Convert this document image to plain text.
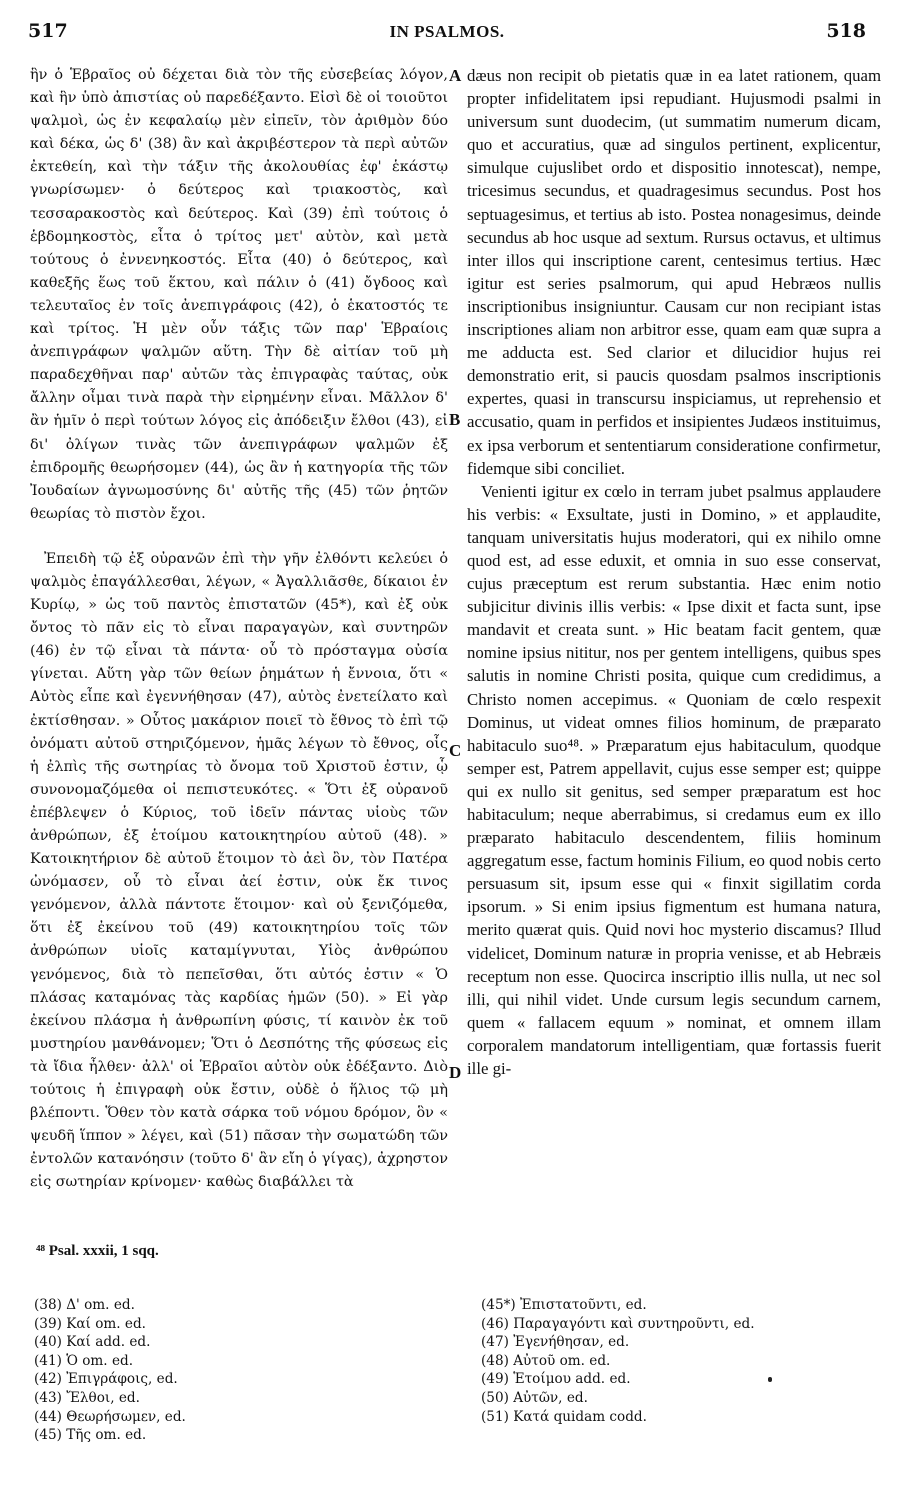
517	IN PSALMOS.	518

ἣν ὁ Ἑβραῖος οὐ δέχεται διὰ τὸν τῆς εὐσεβείας λόγον, καὶ ἣν ὑπὸ ἀπιστίας οὐ παρεδέξαντο. Εἰσὶ δὲ οἱ τοιοῦτοι ψαλμοὶ, ὡς ἐν κεφαλαίῳ μὲν εἰπεῖν, τὸν ἀριθμὸν δύο καὶ δέκα, ὡς δ' (38) ἂν καὶ ἀκριβέστερον τὰ περὶ αὐτῶν ἐκτεθείη, καὶ τὴν τάξιν τῆς ἀκολουθίας ἐφ' ἑκάστῳ γνωρίσωμεν· ὁ δεύτερος καὶ τριακοστὸς, καὶ τεσσαρακοστὸς καὶ δεύτερος. Καὶ (39) ἐπὶ τούτοις ὁ ἑβδομηκοστὸς, εἶτα ὁ τρίτος μετ' αὐτὸν, καὶ μετὰ τούτους ὁ ἐννενηκοστός. Εἶτα (40) ὁ δεύτερος, καὶ καθεξῆς ἕως τοῦ ἕκτου, καὶ πάλιν ὁ (41) ὄγδοος καὶ τελευταῖος ἐν τοῖς ἀνεπιγράφοις (42), ὁ ἑκατοστός τε καὶ τρίτος. Ἡ μὲν οὖν τάξις τῶν παρ' Ἑβραίοις ἀνεπιγράφων ψαλμῶν αὕτη. Τὴν δὲ αἰτίαν τοῦ μὴ παραδεχθῆναι παρ' αὐτῶν τὰς ἐπιγραφὰς ταύτας, οὐκ ἄλλην οἶμαι τινὰ παρὰ τὴν εἰρημένην εἶναι. Μᾶλλον δ' ἂν ἡμῖν ὁ περὶ τούτων λόγος εἰς ἀπόδειξιν ἔλθοι (43), εἰ δι' ὀλίγων τινὰς τῶν ἀνεπιγράφων ψαλμῶν ἐξ ἐπιδρομῆς θεωρήσομεν (44), ὡς ἂν ἡ κατηγορία τῆς τῶν Ἰουδαίων ἀγνωμοσύνης δι' αὐτῆς τῆς (45) τῶν ῥητῶν θεωρίας τὸ πιστὸν ἔχοι.

Ἐπειδὴ τῷ ἐξ οὐρανῶν ἐπὶ τὴν γῆν ἐλθόντι κελεύει ὁ ψαλμὸς ἐπαγάλλεσθαι, λέγων, « Ἀγαλλιᾶσθε, δίκαιοι ἐν Κυρίῳ, » ὡς τοῦ παντὸς ἐπιστατῶν (45*), καὶ ἐξ οὐκ ὄντος τὸ πᾶν εἰς τὸ εἶναι παραγαγὼν, καὶ συντηρῶν (46) ἐν τῷ εἶναι τὰ πάντα· οὗ τὸ πρόσταγμα οὐσία γίνεται. Αὕτη γὰρ τῶν θείων ῥημάτων ἡ ἔννοια, ὅτι « Αὐτὸς εἶπε καὶ ἐγεννήθησαν (47), αὐτὸς ἐνετείλατο καὶ ἐκτίσθησαν. » Οὗτος μακάριον ποιεῖ τὸ ἔθνος τὸ ἐπὶ τῷ ὀνόματι αὐτοῦ στηριζόμενον, ἡμᾶς λέγων τὸ ἔθνος, οἷς ἡ ἐλπὶς τῆς σωτηρίας τὸ ὄνομα τοῦ Χριστοῦ ἐστιν, ᾧ συνονομαζόμεθα οἱ πεπιστευκότες. « Ὅτι ἐξ οὐρανοῦ ἐπέβλεψεν ὁ Κύριος, τοῦ ἰδεῖν πάντας υἱοὺς τῶν ἀνθρώπων, ἐξ ἑτοίμου κατοικητηρίου αὐτοῦ (48). » Κατοικητήριον δὲ αὐτοῦ ἕτοιμον τὸ ἀεὶ ὂν, τὸν Πατέρα ὠνόμασεν, οὗ τὸ εἶναι ἀεί ἐστιν, οὐκ ἔκ τινος γενόμενον, ἀλλὰ πάντοτε ἕτοιμον· καὶ οὐ ξενιζόμεθα, ὅτι ἐξ ἐκείνου τοῦ (49) κατοικητηρίου τοῖς τῶν ἀνθρώπων υἱοῖς καταμίγνυται, Υἱὸς ἀνθρώπου γενόμενος, διὰ τὸ πεπεῖσθαι, ὅτι αὐτός ἐστιν « Ὁ πλάσας καταμόνας τὰς καρδίας ἡμῶν (50). » Εἰ γὰρ ἐκείνου πλάσμα ἡ ἀνθρωπίνη φύσις, τί καινὸν ἐκ τοῦ μυστηρίου μανθάνομεν; Ὅτι ὁ Δεσπότης τῆς φύσεως εἰς τὰ ἴδια ἦλθεν· ἀλλ' οἱ Ἑβραῖοι αὐτὸν οὐκ ἐδέξαντο. Διὸ τούτοις ἡ ἐπιγραφὴ οὐκ ἔστιν, οὐδὲ ὁ ἥλιος τῷ μὴ βλέποντι. Ὅθεν τὸν κατὰ σάρκα τοῦ νόμου δρόμον, ὃν « ψευδῆ ἵππον » λέγει, καὶ (51) πᾶσαν τὴν σωματώδη τῶν ἐντολῶν κατανόησιν (τοῦτο δ' ἂν εἴη ὁ γίγας), ἀχρηστον εἰς σωτηρίαν κρίνομεν· καθὼς διαβάλλει τὰ

A
B
C
D

dæus non recipit ob pietatis quæ in ea latet rationem, quam propter infidelitatem ipsi repudiant. Hujusmodi psalmi in universum sunt duodecim, (ut summatim numerum dicam, quo et accuratius, quæ ad singulos pertinent, explicentur, simulque cujuslibet ordo et dispositio innotescat), nempe, tricesimus secundus, et quadragesimus secundus. Post hos septuagesimus, et tertius ab isto. Postea nonagesimus, deinde secundus ab hoc usque ad sextum. Rursus octavus, et ultimus inter illos qui inscriptione carent, centesimus tertius. Hæc igitur est series psalmorum, qui apud Hebræos nullis inscriptionibus insigniuntur. Causam cur non recipiant istas inscriptiones aliam non arbitror esse, quam eam quæ supra a me adducta est. Sed clarior et dilucidior hujus rei demonstratio erit, si paucis quosdam psalmos inscriptionis expertes, quasi in transcursu inspiciamus, ut reprehensio et accusatio, quam in perfidos et insipientes Judæos instituimus, ex ipsa verborum et sententiarum consideratione confirmetur, fidemque sibi conciliet.

Venienti igitur ex cœlo in terram jubet psalmus applaudere his verbis: « Exsultate, justi in Domino, » et applaudite, tanquam universitatis hujus moderatori, qui ex nihilo omne quod est, ad esse eduxit, et omnia in suo esse conservat, cujus præceptum est rerum substantia. Hæc enim notio subjicitur divinis illis verbis: « Ipse dixit et facta sunt, ipse mandavit et creata sunt. » Hic beatam facit gentem, quæ nomine ipsius nititur, nos per gentem intelligens, quibus spes salutis in nomine Christi posita, quique cum credidimus, a Christo nomen accepimus. « Quoniam de cœlo respexit Dominus, ut videat omnes filios hominum, de præparato habitaculo suo⁴⁸. » Præparatum ejus habitaculum, quodque semper est, Patrem appellavit, cujus esse semper est; quippe qui ex nullo sit genitus, sed semper præparatum est hoc habitaculum; neque aberrabimus, si credamus eum ex illo præparato habitaculo descendentem, filiis hominum aggregatum esse, factum hominis Filium, eo quod nobis certo persuasum sit, ipsum esse qui « finxit sigillatim corda ipsorum. » Si enim ipsius figmentum est humana natura, merito quærat quis. Quid novi hoc mysterio discamus? Illud videlicet, Dominum naturæ in propria venisse, et ab Hebræis receptum non esse. Quocirca inscriptio illis nulla, ut nec sol illi, qui nihil videt. Unde cursum legis secundum carnem, quem « fallacem equum » nominat, et omnem illam corporalem mandatorum intelligentiam, quæ fortassis fuerit ille gi-

⁴⁸ Psal. xxxii, 1 sqq.
(38) Δ' om. ed.
(39) Καί om. ed.
(40) Καί add. ed.
(41) Ὁ om. ed.
(42) Ἐπιγράφοις, ed.
(43) Ἔλθοι, ed.
(44) Θεωρήσωμεν, ed.
(45) Τῆς om. ed.
(45*) Ἐπιστατοῦντι, ed.
(46) Παραγαγόντι καὶ συντηροῦντι, ed.
(47) Ἐγενήθησαν, ed.
(48) Αὐτοῦ om. ed.
(49) Ἑτοίμου add. ed.
(50) Αὐτῶν, ed.
(51) Κατά quidam codd.
